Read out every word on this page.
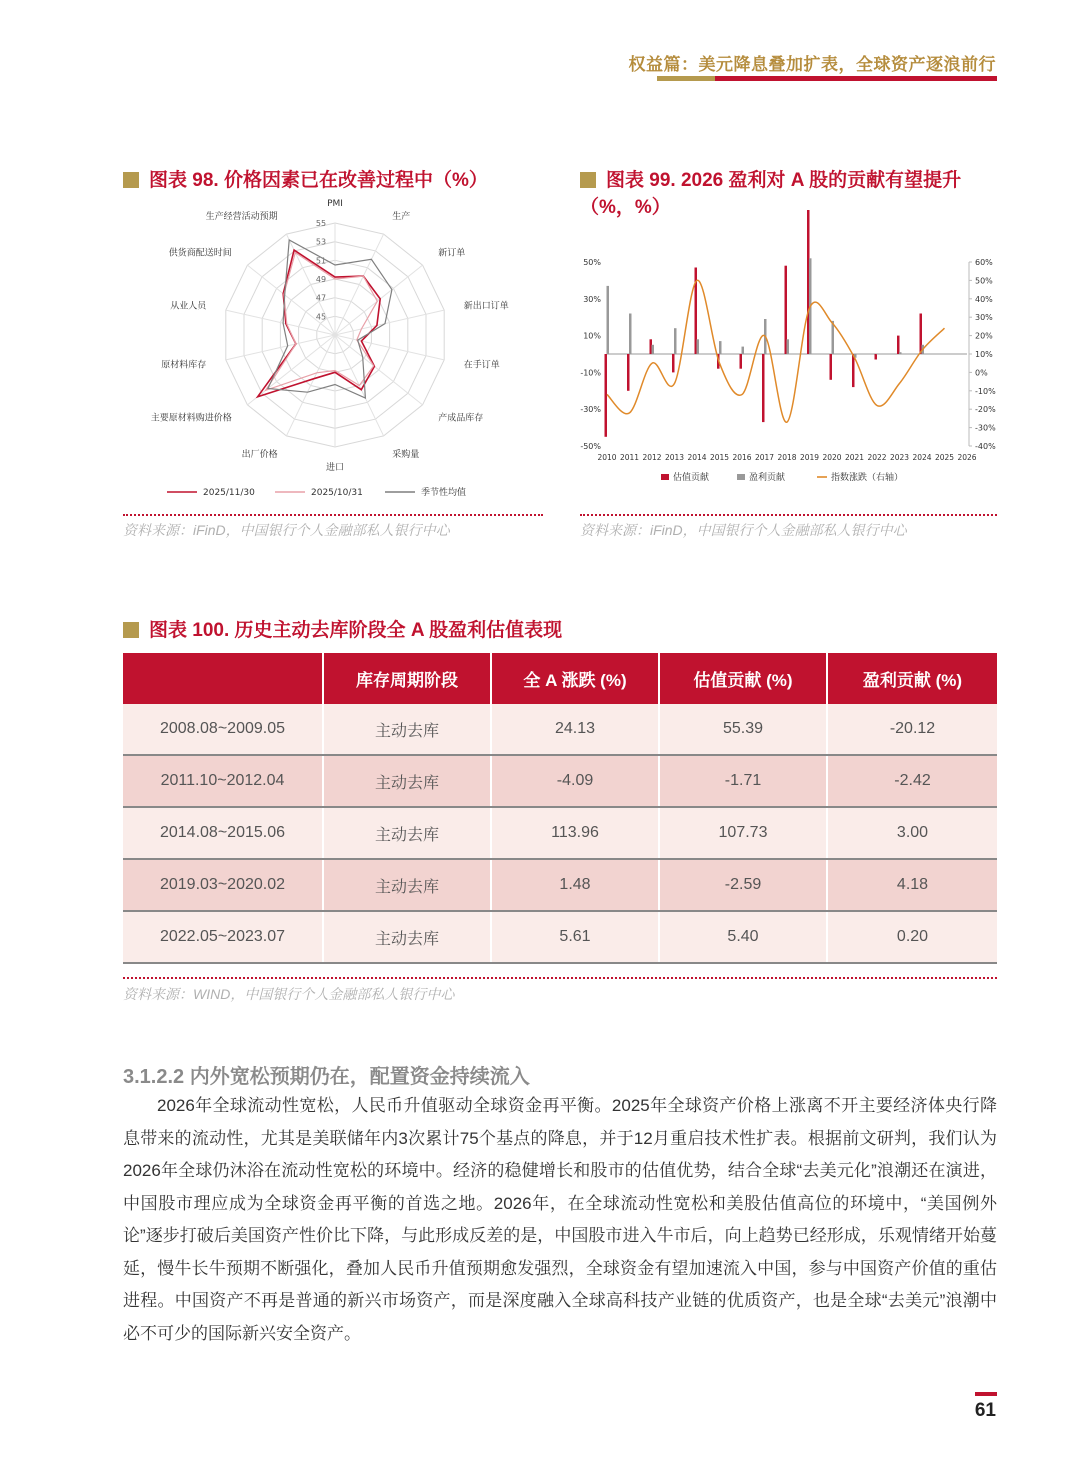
权益篇：美元降息叠加扩表，全球资产逐浪前行
图表 98. 价格因素已在改善过程中（%）
55
53
51
49
47
45
PMI
生产
新订单
新出口订单
在手订单
产成品库存
采购量
进口
出厂价格
主要原材料购进价格
原材料库存
从业人员
供货商配送时间
生产经营活动预期
2025/11/30	2025/10/31	季节性均值
资料来源：iFinD，中国银行个人金融部私人银行中心
图表 99. 2026 盈利对 A 股的贡献有望提升（%，%）
-50%
-30%
-10%
10%
30%
50%
-40%
-30%
-20%
-10%
0%
10%
20%
30%
40%
50%
60%
2010 2011 2012 2013 2014 2015 2016 2017 2018 2019 2020 2021 2022 2023 2024 2025 2026
估值贡献	盈利贡献	指数涨跌（右轴）
资料来源：iFinD，中国银行个人金融部私人银行中心
图表 100. 历史主动去库阶段全 A 股盈利估值表现
	库存周期阶段	全 A 涨跌 (%)	估值贡献 (%)	盈利贡献 (%)
2008.08~2009.05	主动去库	24.13	55.39	-20.12
2011.10~2012.04	主动去库	-4.09	-1.71	-2.42
2014.08~2015.06	主动去库	113.96	107.73	3.00
2019.03~2020.02	主动去库	1.48	-2.59	4.18
2022.05~2023.07	主动去库	5.61	5.40	0.20
资料来源：WIND，中国银行个人金融部私人银行中心
3.1.2.2 内外宽松预期仍在，配置资金持续流入

2026年全球流动性宽松，人民币升值驱动全球资金再平衡。2025年全球资产价格上涨离不开主要经济体央行降息带来的流动性，尤其是美联储年内3次累计75个基点的降息，并于12月重启技术性扩表。根据前文研判，我们认为2026年全球仍沐浴在流动性宽松的环境中。经济的稳健增长和股市的估值优势，结合全球“去美元化”浪潮还在演进，中国股市理应成为全球资金再平衡的首选之地。2026年，在全球流动性宽松和美股估值高位的环境中，“美国例外论”逐步打破后美国资产性价比下降，与此形成反差的是，中国股市进入牛市后，向上趋势已经形成，乐观情绪开始蔓延，慢牛长牛预期不断强化，叠加人民币升值预期愈发强烈，全球资金有望加速流入中国，参与中国资产价值的重估进程。中国资产不再是普通的新兴市场资产，而是深度融入全球高科技产业链的优质资产，也是全球“去美元”浪潮中必不可少的国际新兴安全资产。

61
